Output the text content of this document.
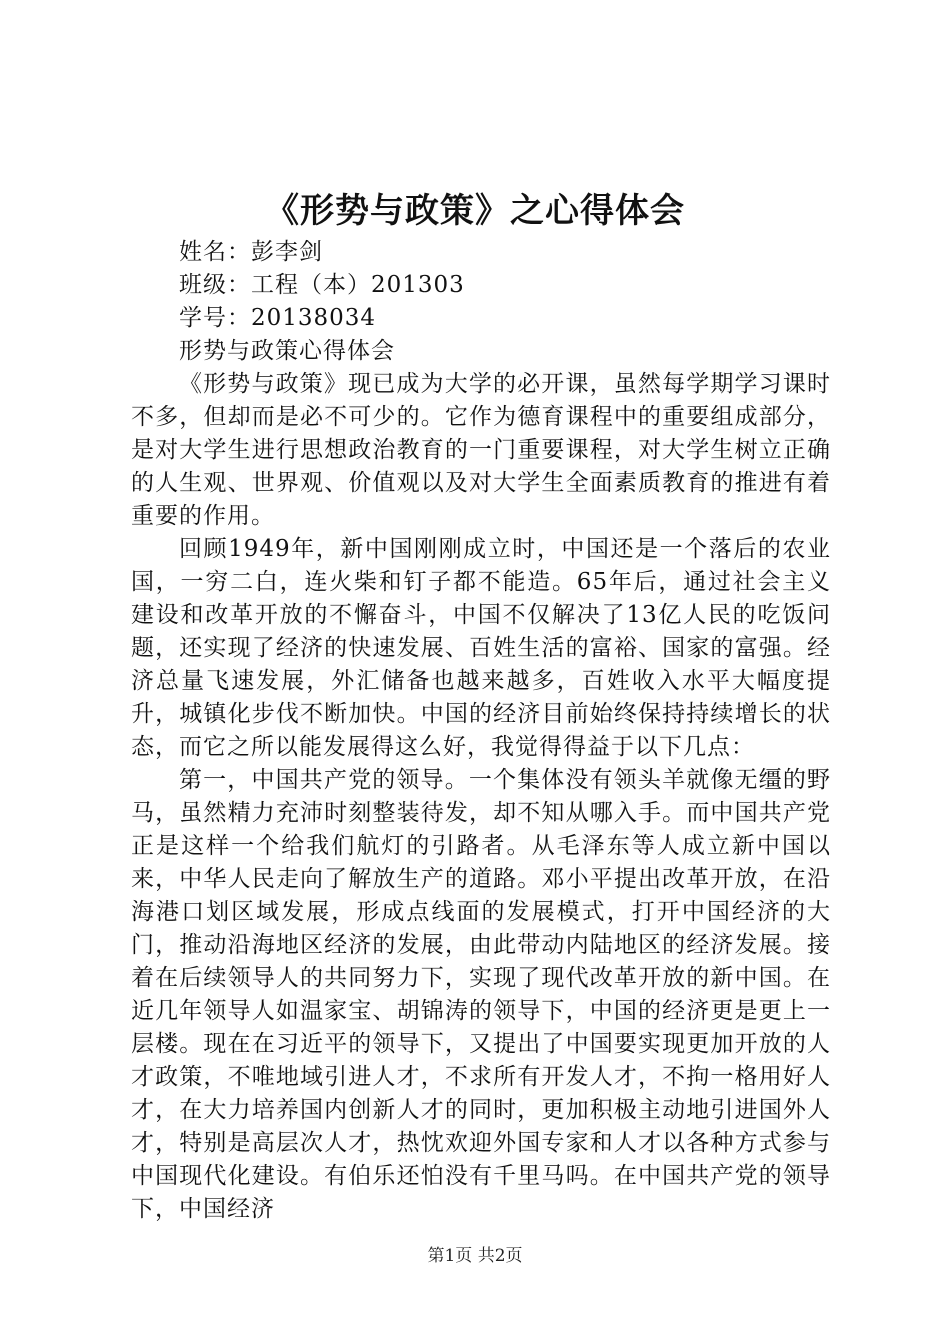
《形势与政策》之心得体会

姓名：彭李剑

班级：工程（本）201303

学号：20138034

形势与政策心得体会

《形势与政策》现已成为大学的必开课，虽然每学期学习课时不多，但却而是必不可少的。它作为德育课程中的重要组成部分，是对大学生进行思想政治教育的一门重要课程，对大学生树立正确的人生观、世界观、价值观以及对大学生全面素质教育的推进有着重要的作用。

回顾1949年，新中国刚刚成立时，中国还是一个落后的农业国，一穷二白，连火柴和钉子都不能造。65年后，通过社会主义建设和改革开放的不懈奋斗，中国不仅解决了13亿人民的吃饭问题，还实现了经济的快速发展、百姓生活的富裕、国家的富强。经济总量飞速发展，外汇储备也越来越多，百姓收入水平大幅度提升，城镇化步伐不断加快。中国的经济目前始终保持持续增长的状态，而它之所以能发展得这么好，我觉得得益于以下几点：

第一，中国共产党的领导。一个集体没有领头羊就像无缰的野马，虽然精力充沛时刻整装待发，却不知从哪入手。而中国共产党正是这样一个给我们航灯的引路者。从毛泽东等人成立新中国以来，中华人民走向了解放生产的道路。邓小平提出改革开放，在沿海港口划区域发展，形成点线面的发展模式，打开中国经济的大门，推动沿海地区经济的发展，由此带动内陆地区的经济发展。接着在后续领导人的共同努力下，实现了现代改革开放的新中国。在近几年领导人如温家宝、胡锦涛的领导下，中国的经济更是更上一层楼。现在在习近平的领导下，又提出了中国要实现更加开放的人才政策，不唯地域引进人才，不求所有开发人才，不拘一格用好人才，在大力培养国内创新人才的同时，更加积极主动地引进国外人才，特别是高层次人才，热忱欢迎外国专家和人才以各种方式参与中国现代化建设。有伯乐还怕没有千里马吗。在中国共产党的领导下，中国经济

第1页 共2页
